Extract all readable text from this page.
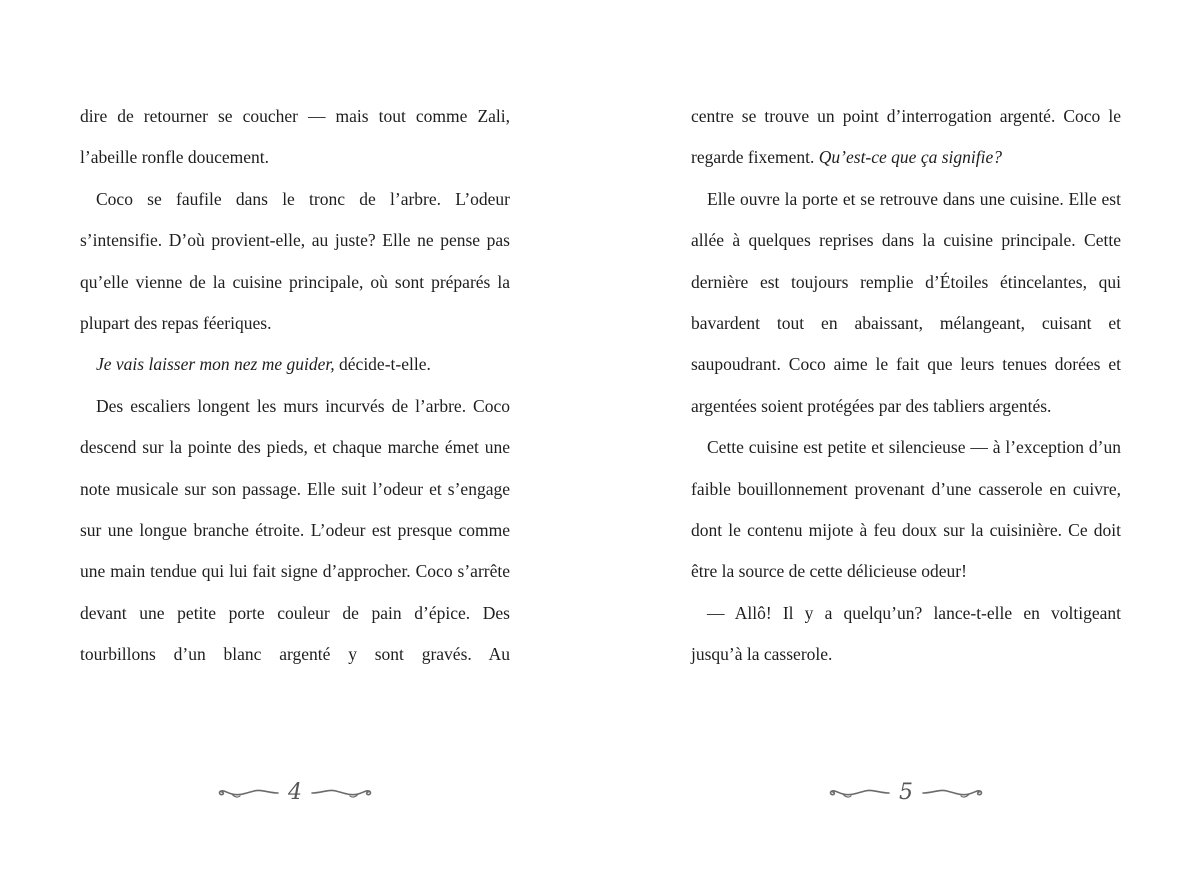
dire de retourner se coucher — mais tout comme Zali, l’abeille ronfle doucement.

Coco se faufile dans le tronc de l’arbre. L’odeur s’intensifie. D’où provient-elle, au juste? Elle ne pense pas qu’elle vienne de la cuisine principale, où sont préparés la plupart des repas féeriques.

Je vais laisser mon nez me guider, décide-t-elle.

Des escaliers longent les murs incurvés de l’arbre. Coco descend sur la pointe des pieds, et chaque marche émet une note musicale sur son passage. Elle suit l’odeur et s’engage sur une longue branche étroite. L’odeur est presque comme une main tendue qui lui fait signe d’approcher. Coco s’arrête devant une petite porte couleur de pain d’épice. Des tourbillons d’un blanc argenté y sont gravés. Au

4

centre se trouve un point d’interrogation argenté. Coco le regarde fixement. Qu’est-ce que ça signifie?

Elle ouvre la porte et se retrouve dans une cuisine. Elle est allée à quelques reprises dans la cuisine principale. Cette dernière est toujours remplie d’Étoiles étincelantes, qui bavardent tout en abaissant, mélangeant, cuisant et saupoudrant. Coco aime le fait que leurs tenues dorées et argentées soient protégées par des tabliers argentés.

Cette cuisine est petite et silencieuse — à l’exception d’un faible bouillonnement provenant d’une casserole en cuivre, dont le contenu mijote à feu doux sur la cuisinière. Ce doit être la source de cette délicieuse odeur!

— Allô! Il y a quelqu’un? lance-t-elle en voltigeant jusqu’à la casserole.

5
